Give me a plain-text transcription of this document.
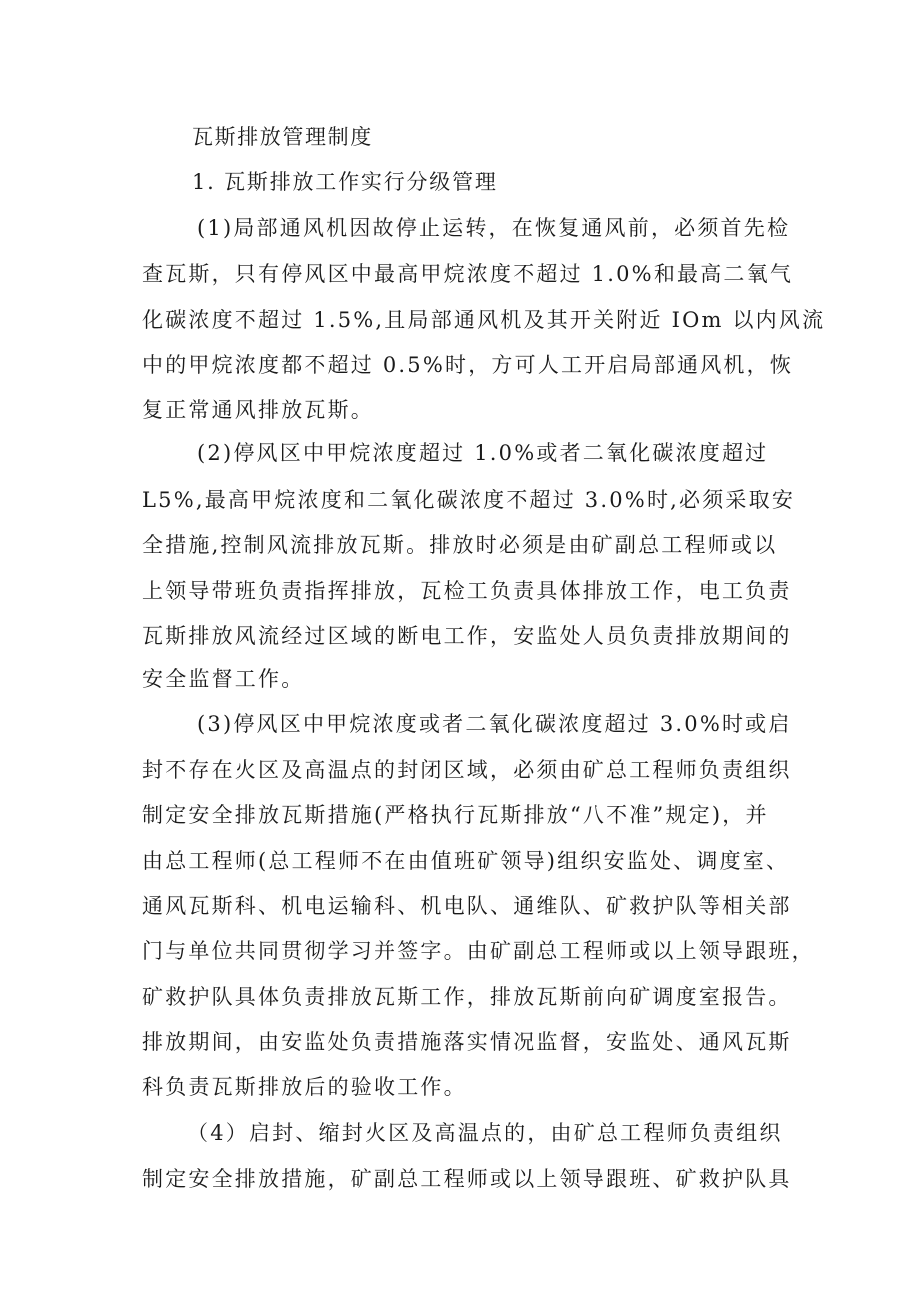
瓦斯排放管理制度
1. 瓦斯排放工作实行分级管理
(1)局部通风机因故停止运转，在恢复通风前，必须首先检
查瓦斯，只有停风区中最高甲烷浓度不超过 1.0%和最高二氧气
化碳浓度不超过 1.5%,且局部通风机及其开关附近 IOm 以内风流
中的甲烷浓度都不超过 0.5%时，方可人工开启局部通风机，恢
复正常通风排放瓦斯。
(2)停风区中甲烷浓度超过 1.0%或者二氧化碳浓度超过
L5%,最高甲烷浓度和二氧化碳浓度不超过 3.0%时,必须采取安
全措施,控制风流排放瓦斯。排放时必须是由矿副总工程师或以
上领导带班负责指挥排放，瓦检工负责具体排放工作，电工负责
瓦斯排放风流经过区域的断电工作，安监处人员负责排放期间的
安全监督工作。
(3)停风区中甲烷浓度或者二氧化碳浓度超过 3.0%时或启
封不存在火区及高温点的封闭区域，必须由矿总工程师负责组织
制定安全排放瓦斯措施(严格执行瓦斯排放“八不准”规定)，并
由总工程师(总工程师不在由值班矿领导)组织安监处、调度室、
通风瓦斯科、机电运输科、机电队、通维队、矿救护队等相关部
门与单位共同贯彻学习并签字。由矿副总工程师或以上领导跟班，
矿救护队具体负责排放瓦斯工作，排放瓦斯前向矿调度室报告。
排放期间，由安监处负责措施落实情况监督，安监处、通风瓦斯
科负责瓦斯排放后的验收工作。
（4）启封、缩封火区及高温点的，由矿总工程师负责组织
制定安全排放措施，矿副总工程师或以上领导跟班、矿救护队具
